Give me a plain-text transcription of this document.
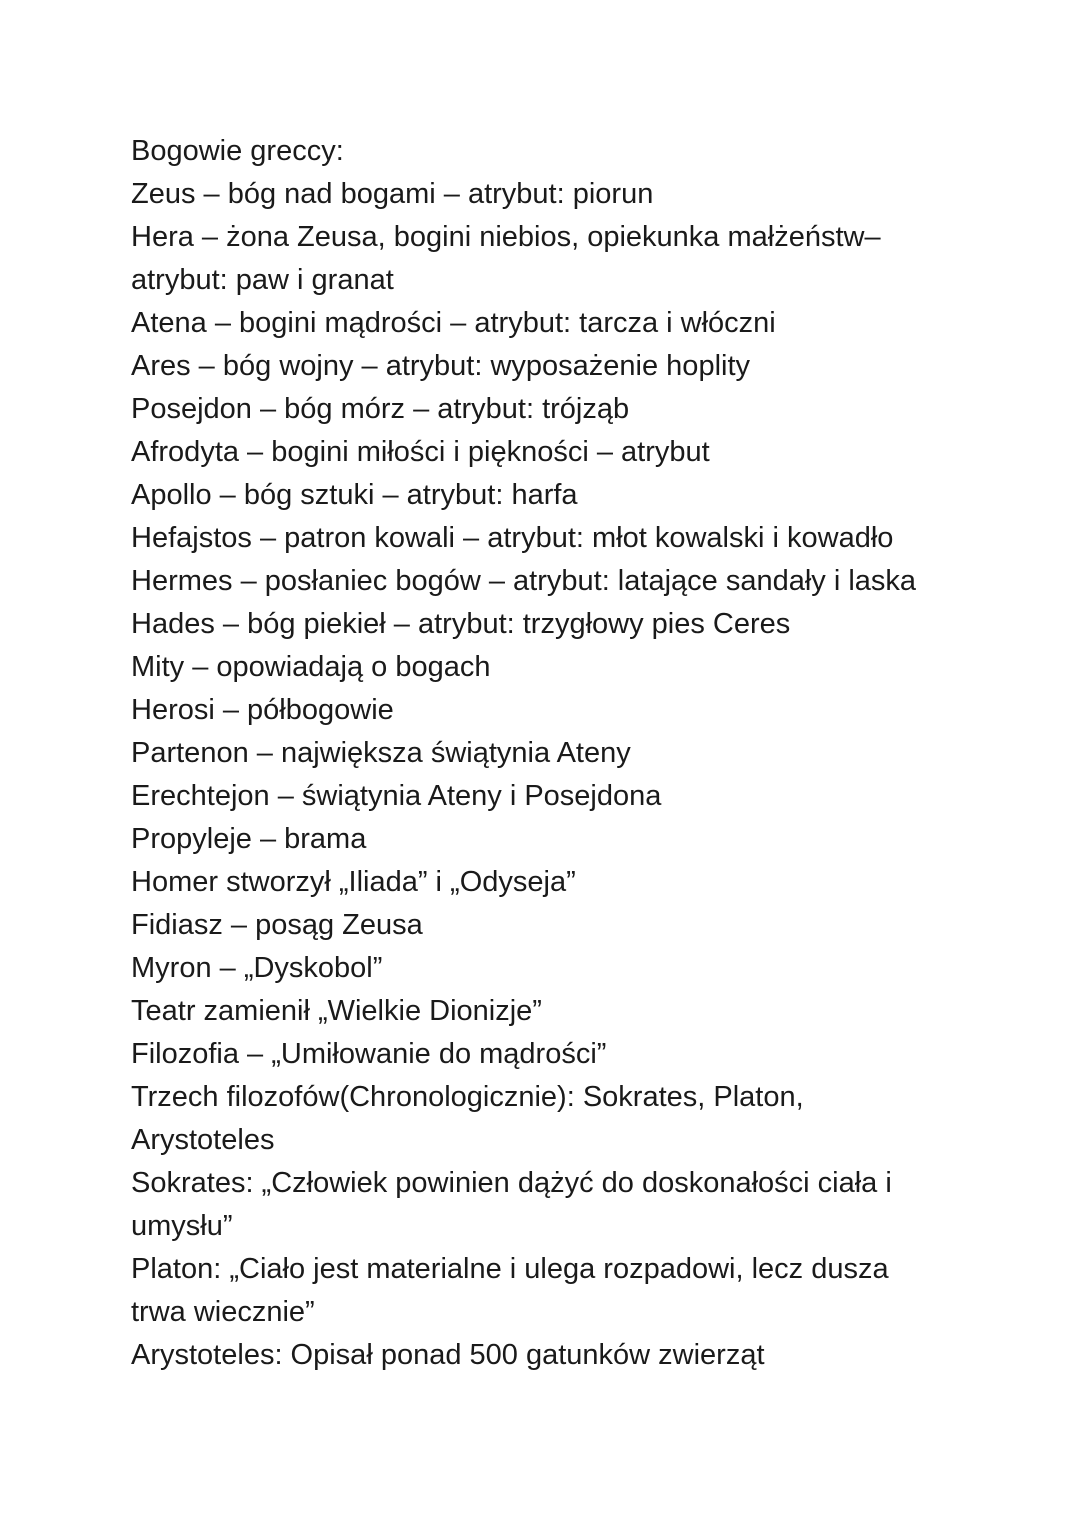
Bogowie greccy:

Zeus – bóg nad bogami – atrybut: piorun

Hera – żona Zeusa, bogini niebios, opiekunka małżeństw–

atrybut: paw i granat

Atena – bogini mądrości – atrybut: tarcza i włóczni

Ares – bóg wojny – atrybut: wyposażenie hoplity

Posejdon – bóg mórz – atrybut: trójząb

Afrodyta – bogini miłości i piękności – atrybut

Apollo – bóg sztuki – atrybut: harfa

Hefajstos – patron kowali – atrybut: młot kowalski i kowadło

Hermes – posłaniec bogów – atrybut: latające sandały i laska

Hades – bóg piekieł – atrybut: trzygłowy pies Ceres

Mity – opowiadają o bogach

Herosi – półbogowie

Partenon – największa świątynia Ateny

Erechtejon – świątynia Ateny i Posejdona

Propyleje – brama

Homer stworzył „Iliada” i „Odyseja”

Fidiasz – posąg Zeusa

Myron – „Dyskobol”

Teatr zamienił „Wielkie Dionizje”

Filozofia – „Umiłowanie do mądrości”

Trzech filozofów(Chronologicznie): Sokrates, Platon,

Arystoteles

Sokrates: „Człowiek powinien dążyć do doskonałości ciała i

umysłu”

Platon: „Ciało jest materialne i ulega rozpadowi, lecz dusza

trwa wiecznie”

Arystoteles: Opisał ponad 500 gatunków zwierząt
